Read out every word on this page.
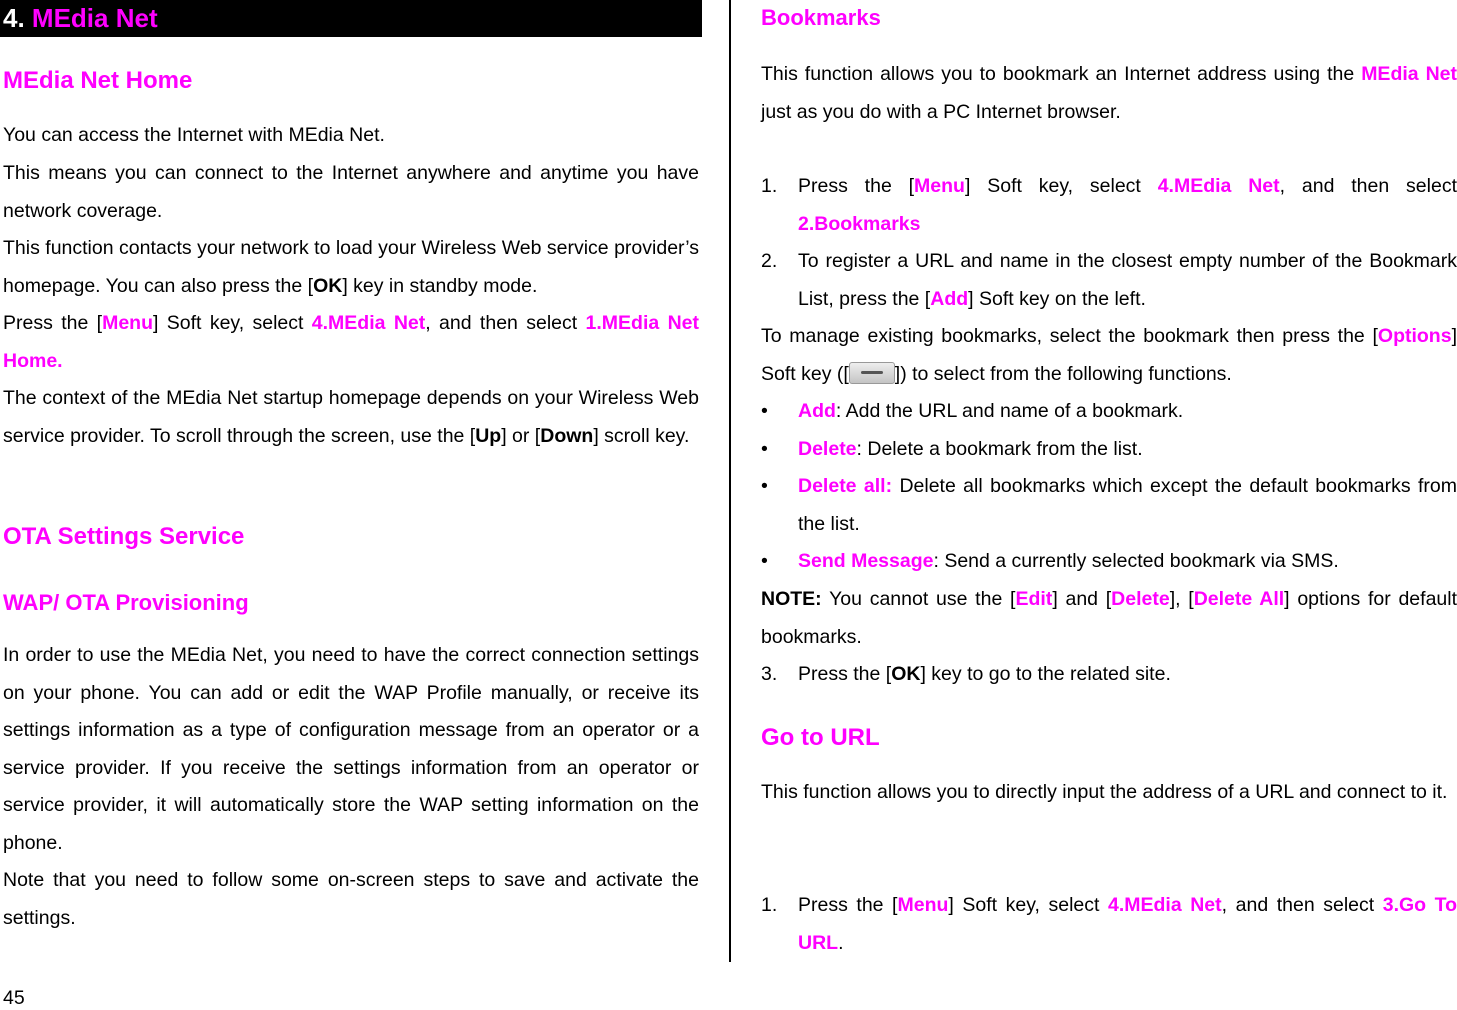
4. MEdia Net
MEdia Net Home

You can access the Internet with MEdia Net.

This means you can connect to the Internet anywhere and anytime you have network coverage.

This function contacts your network to load your Wireless Web service provider’s homepage. You can also press the [OK] key in standby mode.

Press the [Menu] Soft key, select 4.MEdia Net, and then select 1.MEdia Net Home.

The context of the MEdia Net startup homepage depends on your Wireless Web service provider. To scroll through the screen, use the [Up] or [Down] scroll key.

OTA Settings Service
WAP/ OTA Provisioning

In order to use the MEdia Net, you need to have the correct connection settings on your phone. You can add or edit the WAP Profile manually, or receive its settings information as a type of configuration message from an operator or a service provider. If you receive the settings information from an operator or service provider, it will automatically store the WAP setting information on the phone.

Note that you need to follow some on-screen steps to save and activate the settings.

Bookmarks

This function allows you to bookmark an Internet address using the MEdia Net just as you do with a PC Internet browser.

1. Press the [Menu] Soft key, select 4.MEdia Net, and then select 2.Bookmarks
2. To register a URL and name in the closest empty number of the Bookmark List, press the [Add] Soft key on the left.

To manage existing bookmarks, select the bookmark then press the [Options] Soft key ([ ]) to select from the following functions.

• Add: Add the URL and name of a bookmark.
• Delete: Delete a bookmark from the list.
• Delete all: Delete all bookmarks which except the default bookmarks from the list.
• Send Message: Send a currently selected bookmark via SMS.

NOTE: You cannot use the [Edit] and [Delete], [Delete All] options for default bookmarks.

3. Press the [OK] key to go to the related site.
Go to URL

This function allows you to directly input the address of a URL and connect to it.

1. Press the [Menu] Soft key, select 4.MEdia Net, and then select 3.Go To URL.
45
